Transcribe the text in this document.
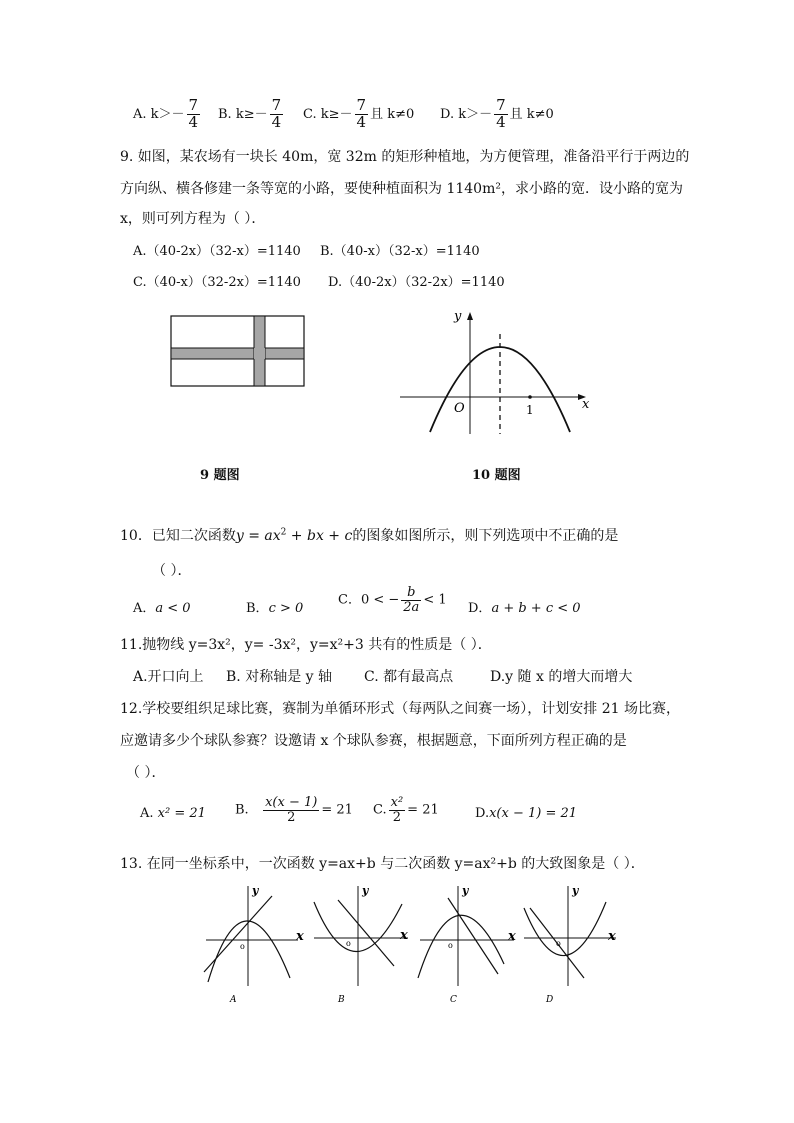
A. $k>- \frac{7}{4} B$. $k\ge- \frac{7}{4} C$. $k\ge- \frac{7}{4}$ 且 k≠0 D. $k>- \frac{7}{4}$ 且 k≠0
9. 如图，某农场有一块长 40m，宽 32m 的矩形种植地，为方便管理，准备沿平行于两边的
方向纵、横各修建一条等宽的小路，要使种植面积为 1140m²，求小路的宽．设小路的宽为
x，则可列方程为（ ）．
A.（40-2x）（32-x）=1140 B.（40-x）（32-x）=1140
C.（40-x）（32-2x）=1140 D.（40-2x）（32-2x）=1140
9 题图
y
x
O	1
10 题图
10．已知二次函数$y = ax^2$ + bx + c的图象如图所示，则下列选项中不正确的是
（ ）．
A．a < 0	B．c > 0
C．0 < − $\frac{b}{2a} < 1$
D．a + b + c < 0
11.抛物线 y=3x²，y= -3x²，y=x²+3 共有的性质是（ ）．
A.开口向上 B. 对称轴是 y 轴 C. 都有最高点	D.y 随 x 的增大而增大
12.学校要组织足球比赛，赛制为单循环形式（每两队之间赛一场），计划安排 21 场比赛，
应邀请多少个球队参赛？设邀请 x 个球队参赛，根据题意，下面所列方程正确的是
（ ）．
A. x² = 21 B. $\frac{x(x - 1)}{2} = 21$ C. $\frac{\text{x²}}{2} = 21$	D.x(x − 1) = 21
13. 在同一坐标系中，一次函数 y=ax+b 与二次函数 y=ax²+b 的大致图象是（ ）．
y
x
o
A
y
x
o
B
y
x
o
C
y
x
o
D
